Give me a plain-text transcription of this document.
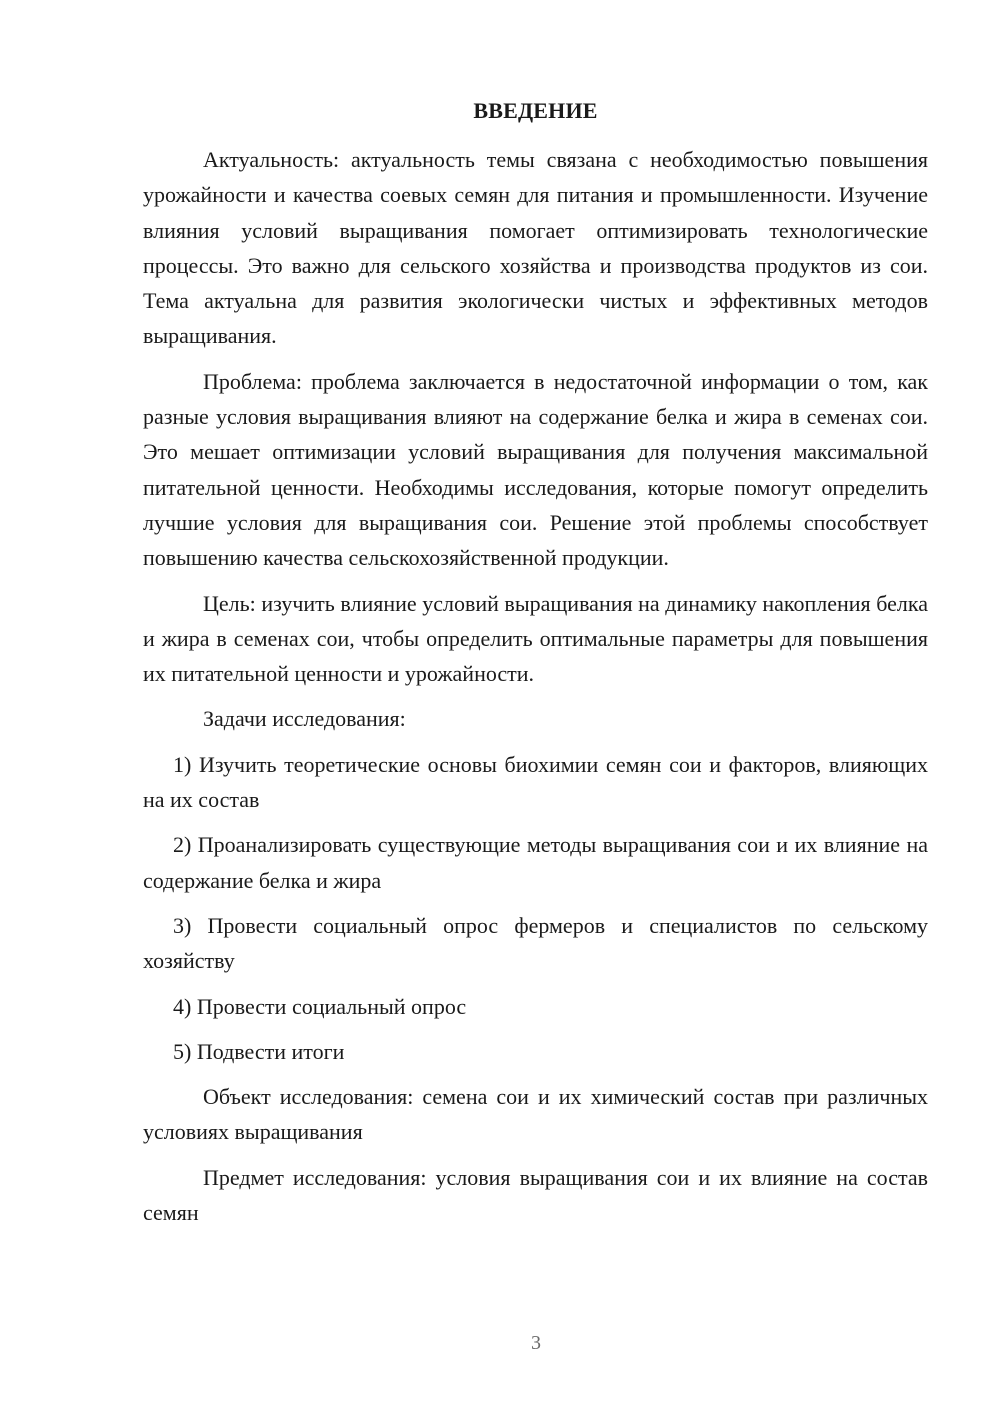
ВВЕДЕНИЕ

Актуальность: актуальность темы связана с необходимостью повышения урожайности и качества соевых семян для питания и промышленности. Изучение влияния условий выращивания помогает оптимизировать технологические процессы. Это важно для сельского хозяйства и производства продуктов из сои. Тема актуальна для развития экологически чистых и эффективных методов выращивания.

Проблема: проблема заключается в недостаточной информации о том, как разные условия выращивания влияют на содержание белка и жира в семенах сои. Это мешает оптимизации условий выращивания для получения максимальной питательной ценности. Необходимы исследования, которые помогут определить лучшие условия для выращивания сои. Решение этой проблемы способствует повышению качества сельскохозяйственной продукции.

Цель: изучить влияние условий выращивания на динамику накопления белка и жира в семенах сои, чтобы определить оптимальные параметры для повышения их питательной ценности и урожайности.

Задачи исследования:

1) Изучить теоретические основы биохимии семян сои и факторов, влияющих на их состав

2) Проанализировать существующие методы выращивания сои и их влияние на содержание белка и жира

3) Провести социальный опрос фермеров и специалистов по сельскому хозяйству

4) Провести социальный опрос

5) Подвести итоги

Объект исследования: семена сои и их химический состав при различных условиях выращивания

Предмет исследования: условия выращивания сои и их влияние на состав семян

3
